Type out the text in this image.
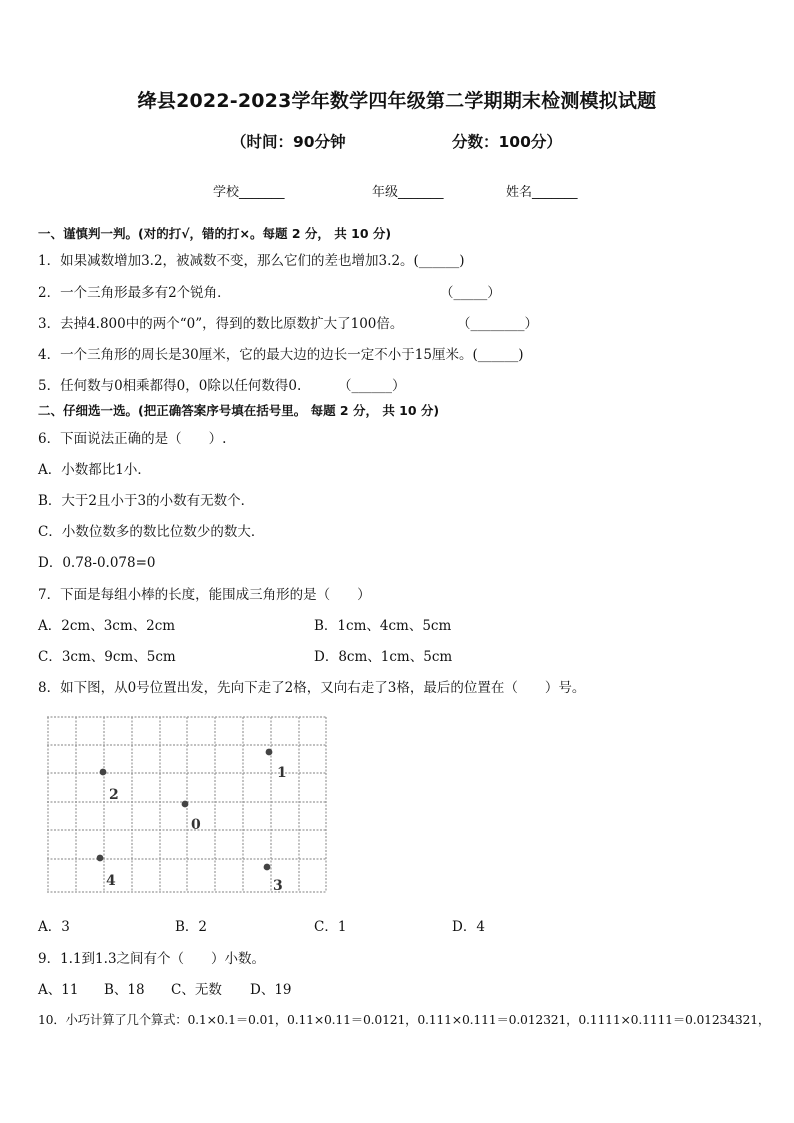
绛县2022-2023学年数学四年级第二学期期末检测模拟试题
（时间：90分钟	分数：100分）
学校_______	年级_______	姓名_______
一、谨慎判一判。(对的打√，错的打×。每题 2 分， 共 10 分)
1．如果减数增加3.2，被减数不变，那么它们的差也增加3.2。(______)
2．一个三角形最多有2个锐角．	（_____）
3．去掉4.800中的两个“0”，得到的数比原数扩大了100倍。	（________）
4．一个三角形的周长是30厘米，它的最大边的边长一定不小于15厘米。(______)
5．任何数与0相乘都得0，0除以任何数得0.	（______）
二、仔细选一选。(把正确答案序号填在括号里。 每题 2 分， 共 10 分)
6．下面说法正确的是（　　）.
A．小数都比1小．
B．大于2且小于3的小数有无数个．
C．小数位数多的数比位数少的数大．
D．0.78-0.078=0
7．下面是每组小棒的长度，能围成三角形的是（　　）
A．2cm、3cm、2cm	B．1cm、4cm、5cm
C．3cm、9cm、5cm	D．8cm、1cm、5cm
8．如下图，从0号位置出发，先向下走了2格，又向右走了3格，最后的位置在（　　）号。
1
2
0
4	3
A．3	B．2	C．1	D．4
9．1.1到1.3之间有个（　　）小数。
A、11 B、18 C、无数 D、19
10．小巧计算了几个算式：0.1×0.1＝0.01，0.11×0.11＝0.0121，0.111×0.111＝0.012321，0.1111×0.1111＝0.01234321，
